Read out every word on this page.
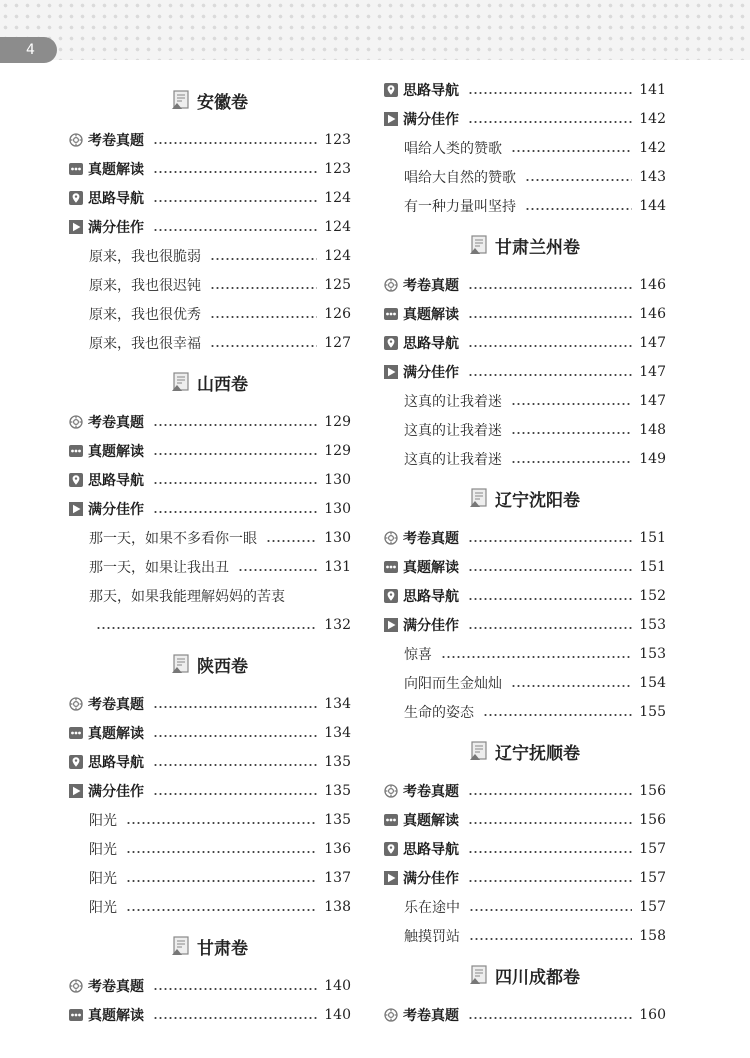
4
安徽卷
考卷真题	123
真题解读	123
思路导航	124
满分佳作	124
原来，我也很脆弱	124
原来，我也很迟钝	125
原来，我也很优秀	126
原来，我也很幸福	127
山西卷
考卷真题	129
真题解读	129
思路导航	130
满分佳作	130
那一天，如果不多看你一眼	130
那一天，如果让我出丑	131
那天，如果我能理解妈妈的苦衷
132
陕西卷
考卷真题	134
真题解读	134
思路导航	135
满分佳作	135
阳光	135
阳光	136
阳光	137
阳光	138
甘肃卷
考卷真题	140
真题解读	140
思路导航	141
满分佳作	142
唱给人类的赞歌	142
唱给大自然的赞歌	143
有一种力量叫坚持	144
甘肃兰州卷
考卷真题	146
真题解读	146
思路导航	147
满分佳作	147
这真的让我着迷	147
这真的让我着迷	148
这真的让我着迷	149
辽宁沈阳卷
考卷真题	151
真题解读	151
思路导航	152
满分佳作	153
惊喜	153
向阳而生金灿灿	154
生命的姿态	155
辽宁抚顺卷
考卷真题	156
真题解读	156
思路导航	157
满分佳作	157
乐在途中	157
触摸罚站	158
四川成都卷
考卷真题	160
